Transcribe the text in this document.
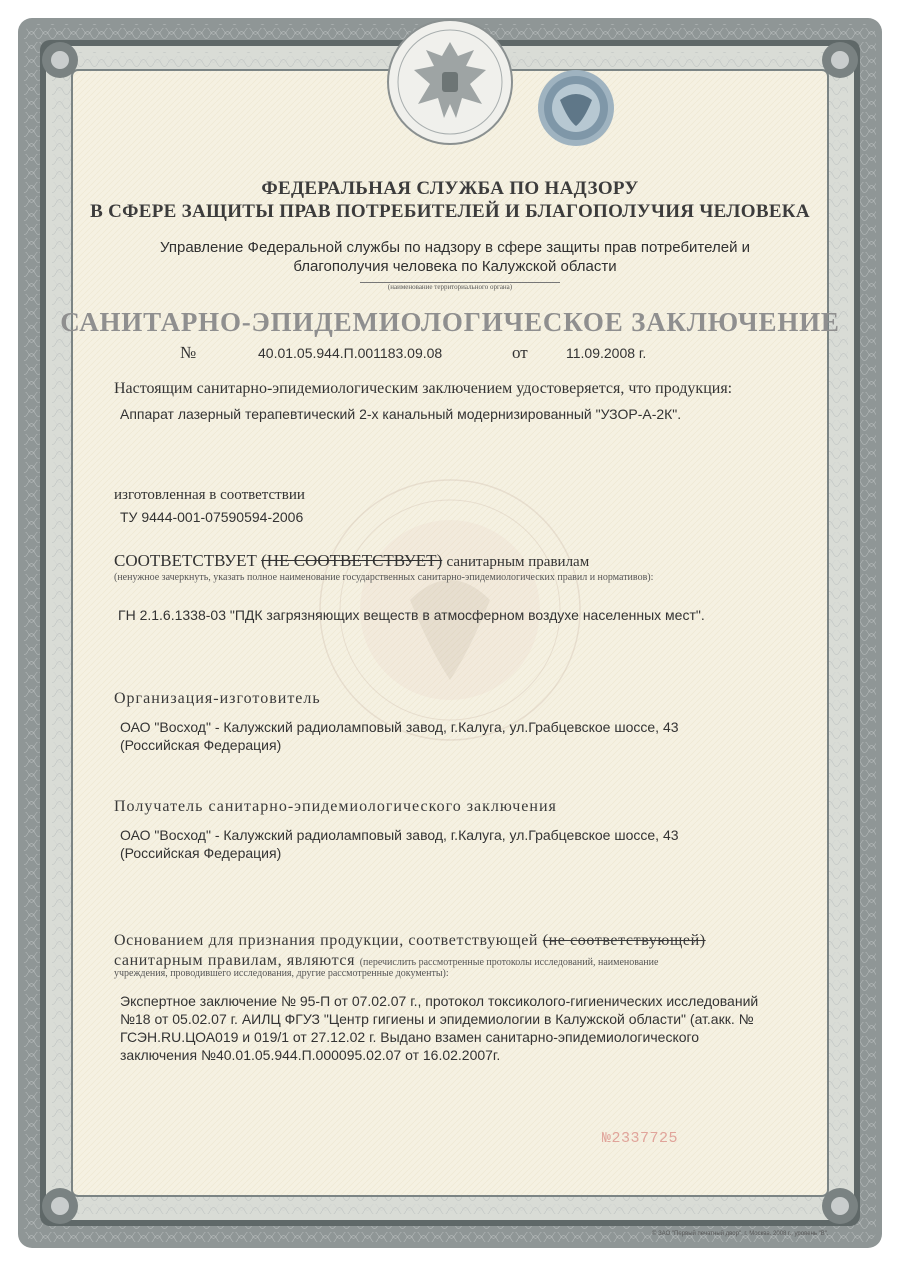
ФЕДЕРАЛЬНАЯ СЛУЖБА ПО НАДЗОРУ
В СФЕРЕ ЗАЩИТЫ ПРАВ ПОТРЕБИТЕЛЕЙ И БЛАГОПОЛУЧИЯ ЧЕЛОВЕКА
Управление Федеральной службы по надзору в сфере защиты прав потребителей и благополучия человека по Калужской области
(наименование территориального органа)
САНИТАРНО-ЭПИДЕМИОЛОГИЧЕСКОЕ ЗАКЛЮЧЕНИЕ
№	40.01.05.944.П.001183.09.08	от	11.09.2008 г.
Настоящим санитарно-эпидемиологическим заключением удостоверяется, что продукция:
Аппарат лазерный терапевтический 2-х канальный модернизированный "УЗОР-А-2К".
изготовленная в соответствии
ТУ 9444-001-07590594-2006
СООТВЕТСТВУЕТ (НЕ СООТВЕТСТВУЕТ) санитарным правилам
(ненужное зачеркнуть, указать полное наименование государственных санитарно-эпидемиологических правил и нормативов):
ГН 2.1.6.1338-03 "ПДК загрязняющих веществ в атмосферном воздухе населенных мест".
Организация-изготовитель
ОАО "Восход" - Калужский радиоламповый завод, г.Калуга, ул.Грабцевское шоссе, 43 (Российская Федерация)
Получатель санитарно-эпидемиологического заключения
ОАО "Восход" - Калужский радиоламповый завод, г.Калуга, ул.Грабцевское шоссе, 43 (Российская Федерация)
Основанием для признания продукции, соответствующей (не соответствующей)
санитарным правилам, являются (перечислить рассмотренные протоколы исследований, наименование
учреждения, проводившего исследования, другие рассмотренные документы):
Экспертное заключение № 95-П от 07.02.07 г., протокол токсиколого-гигиенических исследований №18 от 05.02.07 г. АИЛЦ ФГУЗ "Центр гигиены и эпидемиологии в Калужской области" (ат.акк. № ГСЭН.RU.ЦОА019 и 019/1 от 27.12.02 г. Выдано взамен санитарно-эпидемиологического заключения №40.01.05.944.П.000095.02.07 от 16.02.2007г.
№2337725
© ЗАО "Первый печатный двор", г. Москва, 2008 г., уровень "В".
